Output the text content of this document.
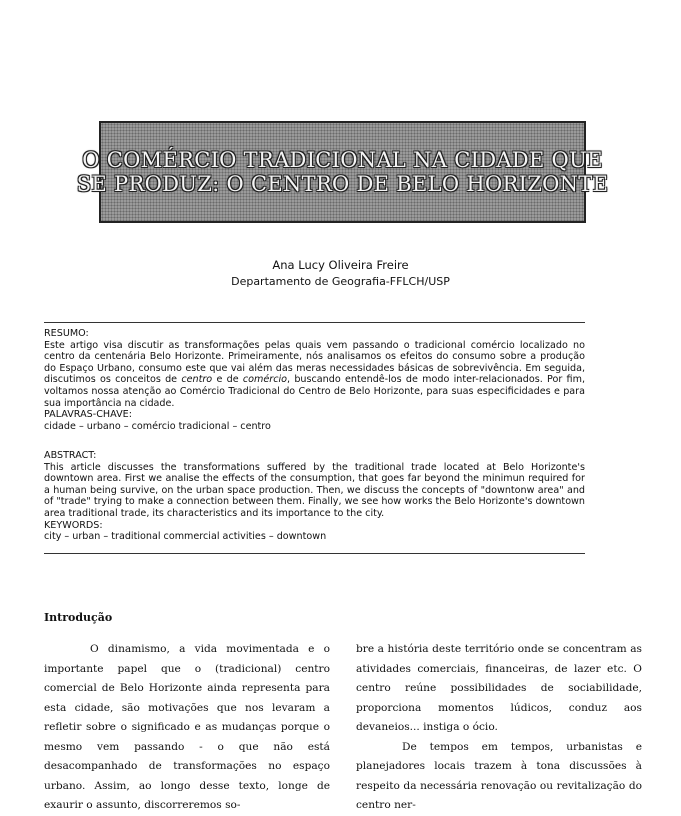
O COMÉRCIO TRADICIONAL NA CIDADE QUE
SE PRODUZ: O CENTRO DE BELO HORIZONTE
Ana Lucy Oliveira Freire
Departamento de Geografia-FFLCH/USP
RESUMO:
Este artigo visa discutir as transformações pelas quais vem passando o tradicional comércio localizado no centro da centenária Belo Horizonte. Primeiramente, nós analisamos os efeitos do consumo sobre a produção do Espaço Urbano, consumo este que vai além das meras necessidades básicas de sobrevivência. Em seguida, discutimos os conceitos de centro e de comércio, buscando entendê-los de modo inter-relacionados. Por fim, voltamos nossa atenção ao Comércio Tradicional do Centro de Belo Horizonte, para suas especificidades e para sua importância na cidade.
PALAVRAS-CHAVE:
cidade – urbano – comércio tradicional – centro
ABSTRACT:
This article discusses the transformations suffered by the traditional trade located at Belo Horizonte's downtown area. First we analise the effects of the consumption, that goes far beyond the minimun required for a human being survive, on the urban space production. Then, we discuss the concepts of "downtonw area" and of "trade" trying to make a connection between them. Finally, we see how works the Belo Horizonte's downtown area traditional trade, its characteristics and its importance to the city.
KEYWORDS:
city – urban – traditional commercial activities – downtown
Introdução

O dinamismo, a vida movimentada e o importante papel que o (tradicional) centro comercial de Belo Horizonte ainda representa para esta cidade, são motivações que nos levaram a refletir sobre o significado e as mudanças porque o mesmo vem passando - o que não está desacompanhado de transformações no espaço urbano. Assim, ao longo desse texto, longe de exaurir o assunto, discorreremos so-

bre a história deste território onde se concentram as atividades comerciais, financeiras, de lazer etc. O centro reúne possibilidades de sociabilidade, proporciona momentos lúdicos, conduz aos devaneios... instiga o ócio.

De tempos em tempos, urbanistas e planejadores locais trazem à tona discussões à respeito da necessária renovação ou revitalização do centro ner-
